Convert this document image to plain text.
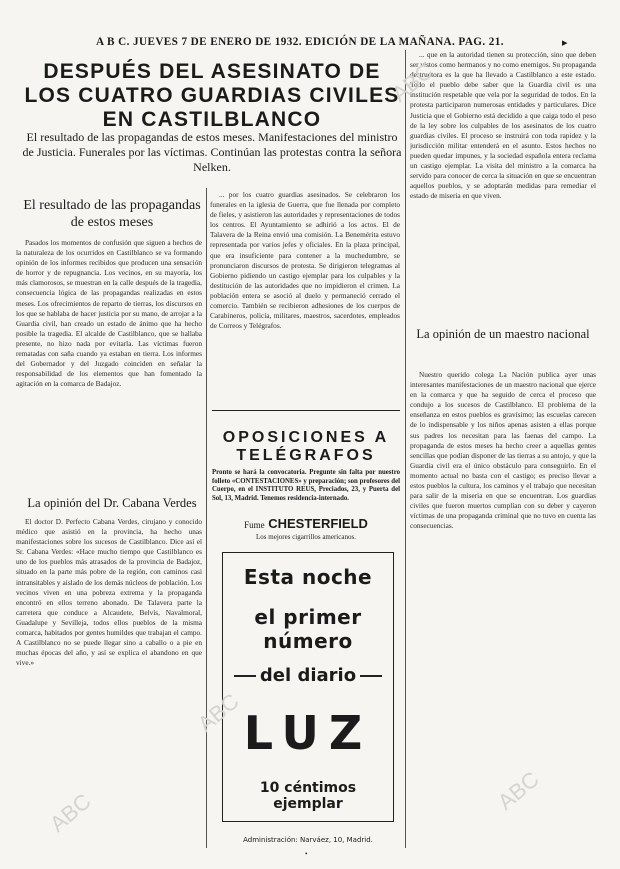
A B C. JUEVES 7 DE ENERO DE 1932. EDICIÓN DE LA MAÑANA. PAG. 21.	▸
DESPUÉS DEL ASESINATO DE LOS CUATRO GUARDIAS CIVILES EN CASTILBLANCO
El resultado de las propagandas de estos meses. Manifestaciones del ministro de Justicia. Funerales por las víctimas. Continúan las protestas contra la señora Nelken.
El resultado de las propagandas de estos meses

Pasados los momentos de confusión que siguen a hechos de la naturaleza de los ocurridos en Castilblanco se va formando opinión de los informes recibidos que producen una sensación de horror y de repugnancia. Los vecinos, en su mayoría, los más clamorosos, se muestran en la calle después de la tragedia, consecuencia lógica de las propagandas realizadas en estos meses. Los ofrecimientos de reparto de tierras, los discursos en los que se hablaba de hacer justicia por su mano, de arrojar a la Guardia civil, han creado un estado de ánimo que ha hecho posible la tragedia. El alcalde de Castilblanco, que se hallaba presente, no hizo nada por evitarla. Las víctimas fueron rematadas con saña cuando ya estaban en tierra. Los informes del Gobernador y del Juzgado coinciden en señalar la responsabilidad de los elementos que han fomentado la agitación en la comarca de Badajoz.

La opinión del Dr. Cabana Verdes

El doctor D. Perfecto Cabana Verdes, cirujano y conocido médico que asistió en la provincia, ha hecho unas manifestaciones sobre los sucesos de Castilblanco. Dice así el Sr. Cabana Verdes: «Hace mucho tiempo que Castilblanco es uno de los pueblos más atrasados de la provincia de Badajoz, situado en la parte más pobre de la región, con caminos casi intransitables y aislado de los demás núcleos de población. Los vecinos viven en una pobreza extrema y la propaganda encontró en ellos terreno abonado. De Talavera parte la carretera que conduce a Alcaudete, Belvís, Navalmoral, Guadalupe y Sevilleja, todos ellos pueblos de la misma comarca, habitados por gentes humildes que trabajan el campo. A Castilblanco no se puede llegar sino a caballo o a pie en muchas épocas del año, y así se explica el abandono en que vive.»

... por los cuatro guardias asesinados. Se celebraron los funerales en la iglesia de Guerra, que fue llenada por completo de fieles, y asistieron las autoridades y representaciones de todos los centros. El Ayuntamiento se adhirió a los actos. El de Talavera de la Reina envió una comisión. La Benemérita estuvo representada por varios jefes y oficiales. En la plaza principal, que era insuficiente para contener a la muchedumbre, se pronunciaron discursos de protesta. Se dirigieron telegramas al Gobierno pidiendo un castigo ejemplar para los culpables y la destitución de las autoridades que no impidieron el crimen. La población entera se asoció al duelo y permaneció cerrado el comercio. También se recibieron adhesiones de los cuerpos de Carabineros, policía, militares, maestros, sacerdotes, empleados de Correos y Telégrafos.

OPOSICIONES A TELÉGRAFOS
Pronto se hará la convocatoria. Pregunte sin falta por nuestro folleto «CONTESTACIONES» y preparación; son profesores del Cuerpo, en el INSTITUTO REUS, Preciados, 23, y Puerta del Sol, 13, Madrid. Tenemos residencia-internado.
Fume CHESTERFIELD
Los mejores cigarrillos americanos.
Esta noche
el primer número
del diario
LUZ
10 céntimos ejemplar
Administración: Narváez, 10, Madrid.

... que en la autoridad tienen su protección, sino que deben ser vistos como hermanos y no como enemigos. Su propaganda destructora es la que ha llevado a Castilblanco a este estado. Todo el pueblo debe saber que la Guardia civil es una institución respetable que vela por la seguridad de todos. En la protesta participaron numerosas entidades y particulares. Dice Justicia que el Gobierno está decidido a que caiga todo el peso de la ley sobre los culpables de los asesinatos de los cuatro guardias civiles. El proceso se instruirá con toda rapidez y la jurisdicción militar entenderá en el asunto. Estos hechos no pueden quedar impunes, y la sociedad española entera reclama un castigo ejemplar. La visita del ministro a la comarca ha servido para conocer de cerca la situación en que se encuentran aquellos pueblos, y se adoptarán medidas para remediar el estado de miseria en que viven.

La opinión de un maestro nacional

Nuestro querido colega La Nación publica ayer unas interesantes manifestaciones de un maestro nacional que ejerce en la comarca y que ha seguido de cerca el proceso que condujo a los sucesos de Castilblanco. El problema de la enseñanza en estos pueblos es gravísimo; las escuelas carecen de lo indispensable y los niños apenas asisten a ellas porque sus padres los necesitan para las faenas del campo. La propaganda de estos meses ha hecho creer a aquellas gentes sencillas que podían disponer de las tierras a su antojo, y que la Guardia civil era el único obstáculo para conseguirlo. En el momento actual no basta con el castigo; es preciso llevar a estos pueblos la cultura, los caminos y el trabajo que necesitan para salir de la miseria en que se encuentran. Los guardias civiles que fueron muertos cumplían con su deber y cayeron víctimas de una propaganda criminal que no tuvo en cuenta las consecuencias.

ABC
ABC
ABC
ABC
•
